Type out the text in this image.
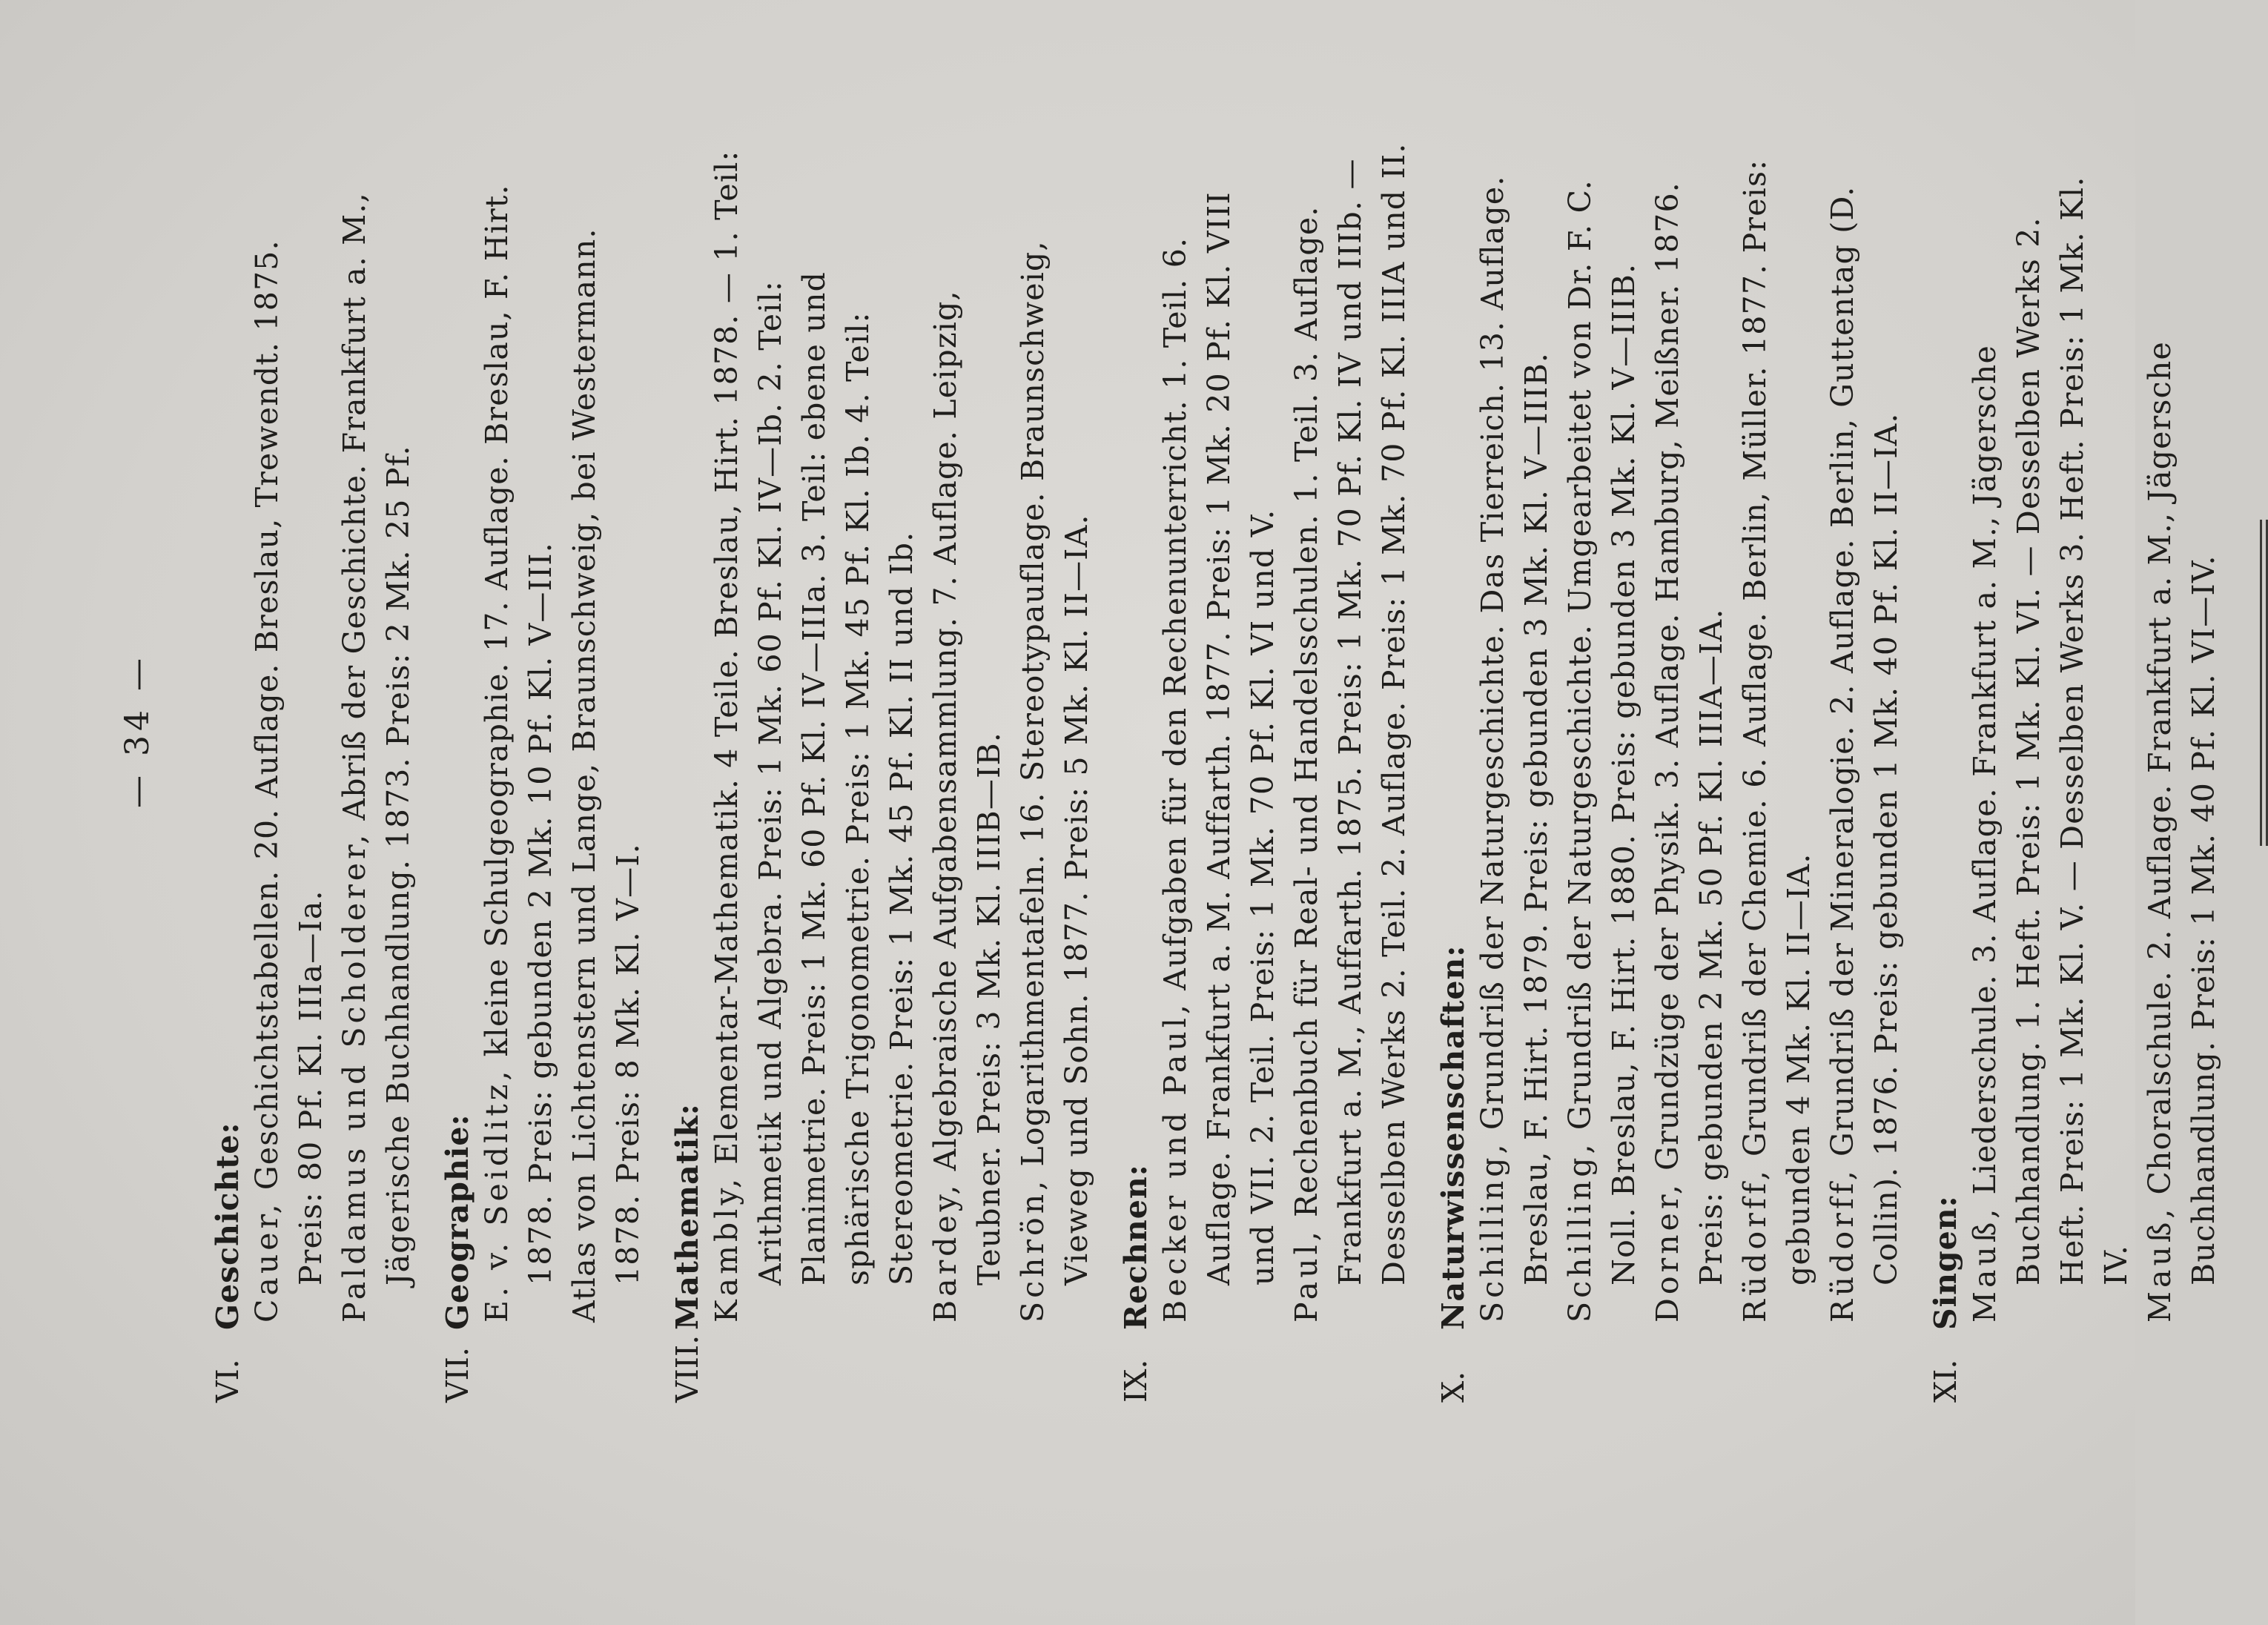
— 34 —
VI.
Geschichte: Cauer, Geschichtstabellen. 20. Auflage. Breslau, Trewendt. 1875. Preis: 80 Pf. Kl. IIIa—Ia. Paldamus und Scholderer, Abriß der Geschichte. Frankfurt a. M., Jägerische Buchhandlung. 1873. Preis: 2 Mk. 25 Pf.
VII.
Geographie: E. v. Seidlitz, kleine Schulgeographie. 17. Auflage. Breslau, F. Hirt. 1878. Preis: gebunden 2 Mk. 10 Pf. Kl. V—III. Atlas von Lichtenstern und Lange, Braunschweig, bei Westermann. 1878. Preis: 8 Mk. Kl. V—I.
VIII.
Mathematik: Kambly, Elementar-Mathematik. 4 Teile. Breslau, Hirt. 1878. — 1. Teil: Arithmetik und Algebra. Preis: 1 Mk. 60 Pf. Kl. IV—Ib. 2. Teil: Planimetrie. Preis: 1 Mk. 60 Pf. Kl. IV—IIIa. 3. Teil: ebene und sphärische Trigonometrie. Preis: 1 Mk. 45 Pf. Kl. Ib. 4. Teil: Stereometrie. Preis: 1 Mk. 45 Pf. Kl. II und Ib. Bardey, Algebraische Aufgabensammlung. 7. Auflage. Leipzig, Teubner. Preis: 3 Mk. Kl. IIIB—IB. Schrön, Logarithmentafeln. 16. Stereotypauflage. Braunschweig, Vieweg und Sohn. 1877. Preis: 5 Mk. Kl. II—IA.
IX.
Rechnen: Becker und Paul, Aufgaben für den Rechenunterricht. 1. Teil. 6. Auflage. Frankfurt a. M. Auffarth. 1877. Preis: 1 Mk. 20 Pf. Kl. VIII und VII. 2. Teil. Preis: 1 Mk. 70 Pf. Kl. VI und V. Paul, Rechenbuch für Real- und Handelsschulen. 1. Teil. 3. Auflage. Frankfurt a. M., Auffarth. 1875. Preis: 1 Mk. 70 Pf. Kl. IV und IIIb. — Desselben Werks 2. Teil. 2. Auflage. Preis: 1 Mk. 70 Pf. Kl. IIIA und II.
X.
Naturwissenschaften: Schilling, Grundriß der Naturgeschichte. Das Tierreich. 13. Auflage. Breslau, F. Hirt. 1879. Preis: gebunden 3 Mk. Kl. V—IIIB. Schilling, Grundriß der Naturgeschichte. Umgearbeitet von Dr. F. C. Noll. Breslau, F. Hirt. 1880. Preis: gebunden 3 Mk. Kl. V—IIIB. Dorner, Grundzüge der Physik. 3. Auflage. Hamburg, Meißner. 1876. Preis: gebunden 2 Mk. 50 Pf. Kl. IIIA—IA. Rüdorff, Grundriß der Chemie. 6. Auflage. Berlin, Müller. 1877. Preis: gebunden 4 Mk. Kl. II—IA. Rüdorff, Grundriß der Mineralogie. 2. Auflage. Berlin, Guttentag (D. Collin). 1876. Preis: gebunden 1 Mk. 40 Pf. Kl. II—IA.
XI.
Singen: Mauß, Liederschule. 3. Auflage. Frankfurt a. M., Jägersche Buchhandlung. 1. Heft. Preis: 1 Mk. Kl. VI. — Desselben Werks 2. Heft. Preis: 1 Mk. Kl. V. — Desselben Werks 3. Heft. Preis: 1 Mk. Kl. IV. Mauß, Choralschule. 2. Auflage. Frankfurt a. M., Jägersche Buchhandlung. Preis: 1 Mk. 40 Pf. Kl. VI—IV.
